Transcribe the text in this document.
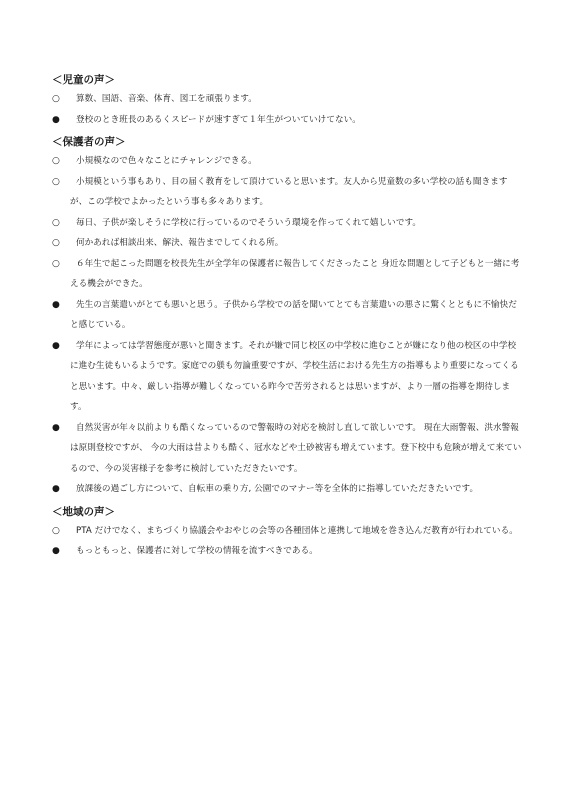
＜児童の声＞
○	算数、国語、音楽、体育、図工を頑張ります。
●	登校のとき班長のあるくスピードが速すぎて１年生がついていけてない。
＜保護者の声＞
○	小規模なので色々なことにチャレンジできる。
○	小規模という事もあり、目の届く教育をして頂けていると思います。友人から児童数の多い学校の話も聞きますが、この学校でよかったという事も多々あります。
○	毎日、子供が楽しそうに学校に行っているのでそういう環境を作ってくれて嬉しいです。
○	何かあれば相談出来、解決、報告までしてくれる所。
○	６年生で起こった問題を校長先生が全学年の保護者に報告してくださったこと 身近な問題として子どもと一緒に考える機会ができた。
●	先生の言葉遣いがとても悪いと思う。子供から学校での話を聞いてとても言葉遣いの悪さに驚くとともに不愉快だと感じている。
●	学年によっては学習態度が悪いと聞きます。それが嫌で同じ校区の中学校に進むことが嫌になり他の校区の中学校に進む生徒もいるようです。家庭での躾も勿論重要ですが、学校生活における先生方の指導もより重要になってくると思います。中々、厳しい指導が難しくなっている昨今で苦労されるとは思いますが、より一層の指導を期待します。
●	自然災害が年々以前よりも酷くなっているので警報時の対応を検討し直して欲しいです。 現在大雨警報、洪水警報は原則登校ですが、 今の大雨は昔よりも酷く、冠水などや土砂被害も増えています。登下校中も危険が増えて来ているので、今の災害様子を参考に検討していただきたいです。
●	放課後の過ごし方について、自転車の乗り方, 公園でのマナー等を全体的に指導していただきたいです。
＜地域の声＞
○	PTA だけでなく、まちづくり協議会やおやじの会等の各種団体と連携して地域を巻き込んだ教育が行われている。
●	もっともっと、保護者に対して学校の情報を流すべきである。
